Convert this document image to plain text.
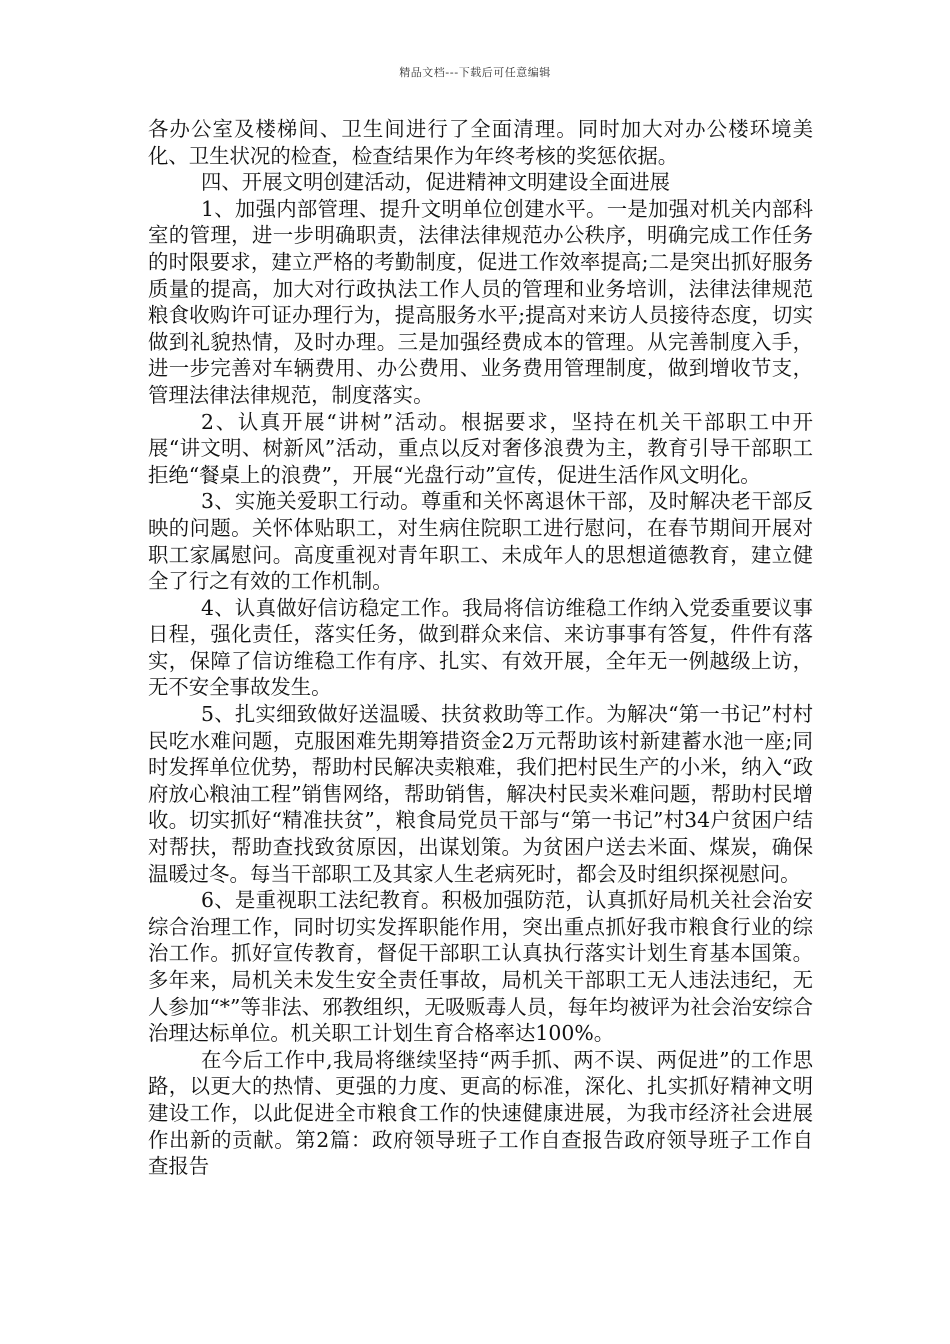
精品文档---下载后可任意编辑

各办公室及楼梯间、卫生间进行了全面清理。同时加大对办公楼环境美化、卫生状况的检查，检查结果作为年终考核的奖惩依据。

四、开展文明创建活动，促进精神文明建设全面进展

1、加强内部管理、提升文明单位创建水平。一是加强对机关内部科室的管理，进一步明确职责，法律法律规范办公秩序，明确完成工作任务的时限要求，建立严格的考勤制度，促进工作效率提高;二是突出抓好服务质量的提高，加大对行政执法工作人员的管理和业务培训，法律法律规范粮食收购许可证办理行为，提高服务水平;提高对来访人员接待态度，切实做到礼貌热情，及时办理。三是加强经费成本的管理。从完善制度入手，进一步完善对车辆费用、办公费用、业务费用管理制度，做到增收节支，管理法律法律规范，制度落实。

2、认真开展“讲树”活动。根据要求，坚持在机关干部职工中开展“讲文明、树新风”活动，重点以反对奢侈浪费为主，教育引导干部职工拒绝“餐桌上的浪费”，开展“光盘行动”宣传，促进生活作风文明化。

3、实施关爱职工行动。尊重和关怀离退休干部，及时解决老干部反映的问题。关怀体贴职工，对生病住院职工进行慰问，在春节期间开展对职工家属慰问。高度重视对青年职工、未成年人的思想道德教育，建立健全了行之有效的工作机制。

4、认真做好信访稳定工作。我局将信访维稳工作纳入党委重要议事日程，强化责任，落实任务，做到群众来信、来访事事有答复，件件有落实，保障了信访维稳工作有序、扎实、有效开展，全年无一例越级上访，无不安全事故发生。

5、扎实细致做好送温暖、扶贫救助等工作。为解决“第一书记”村村民吃水难问题，克服困难先期筹措资金2万元帮助该村新建蓄水池一座;同时发挥单位优势，帮助村民解决卖粮难，我们把村民生产的小米，纳入“政府放心粮油工程”销售网络，帮助销售，解决村民卖米难问题，帮助村民增收。切实抓好“精准扶贫”，粮食局党员干部与“第一书记”村34户贫困户结对帮扶，帮助查找致贫原因，出谋划策。为贫困户送去米面、煤炭，确保温暖过冬。每当干部职工及其家人生老病死时，都会及时组织探视慰问。

6、是重视职工法纪教育。积极加强防范，认真抓好局机关社会治安综合治理工作，同时切实发挥职能作用，突出重点抓好我市粮食行业的综治工作。抓好宣传教育，督促干部职工认真执行落实计划生育基本国策。多年来，局机关未发生安全责任事故，局机关干部职工无人违法违纪，无人参加“*”等非法、邪教组织，无吸贩毒人员，每年均被评为社会治安综合治理达标单位。机关职工计划生育合格率达100%。

在今后工作中,我局将继续坚持“两手抓、两不误、两促进”的工作思路，以更大的热情、更强的力度、更高的标准，深化、扎实抓好精神文明建设工作，以此促进全市粮食工作的快速健康进展，为我市经济社会进展作出新的贡献。第2篇：政府领导班子工作自查报告政府领导班子工作自查报告
